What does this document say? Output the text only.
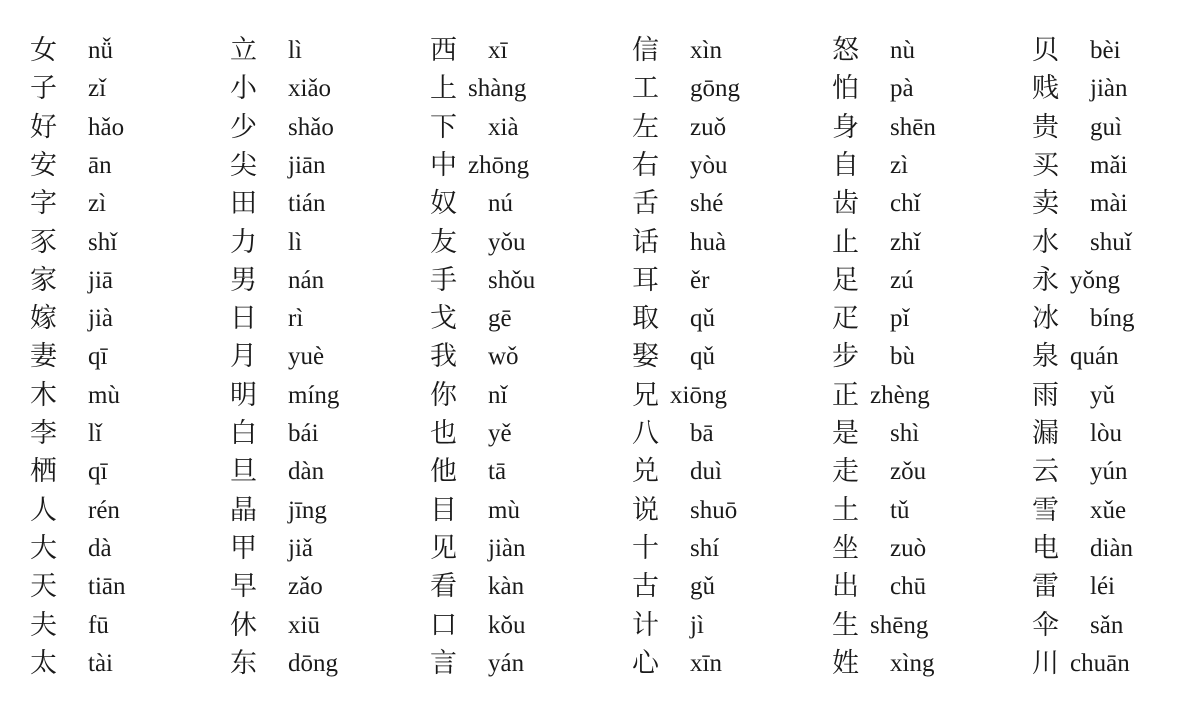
女 nǚ
子 zǐ
好 hǎo
安 ān
字 zì
豕 shǐ
家 jiā
嫁 jià
妻 qī
木 mù
李 lǐ
栖 qī
人 rén
大 dà
天 tiān
夫 fū
太 tài
立 lì
小 xiǎo
少 shǎo
尖 jiān
田 tián
力 lì
男 nán
日 rì
月 yuè
明 míng
白 bái
旦 dàn
晶 jīng
甲 jiǎ
早 zǎo
休 xiū
东 dōng
西 xī
上 shàng
下 xià
中 zhōng
奴 nú
友 yǒu
手 shǒu
戈 gē
我 wǒ
你 nǐ
也 yě
他 tā
目 mù
见 jiàn
看 kàn
口 kǒu
言 yán
信 xìn
工 gōng
左 zuǒ
右 yòu
舌 shé
话 huà
耳 ěr
取 qǔ
娶 qǔ
兄 xiōng
八 bā
兑 duì
说 shuō
十 shí
古 gǔ
计 jì
心 xīn
怒 nù
怕 pà
身 shēn
自 zì
齿 chǐ
止 zhǐ
足 zú
疋 pǐ
步 bù
正 zhèng
是 shì
走 zǒu
土 tǔ
坐 zuò
出 chū
生 shēng
姓 xìng
贝 bèi
贱 jiàn
贵 guì
买 mǎi
卖 mài
水 shuǐ
永 yǒng
冰 bíng
泉 quán
雨 yǔ
漏 lòu
云 yún
雪 xǔe
电 diàn
雷 léi
伞 sǎn
川 chuān
